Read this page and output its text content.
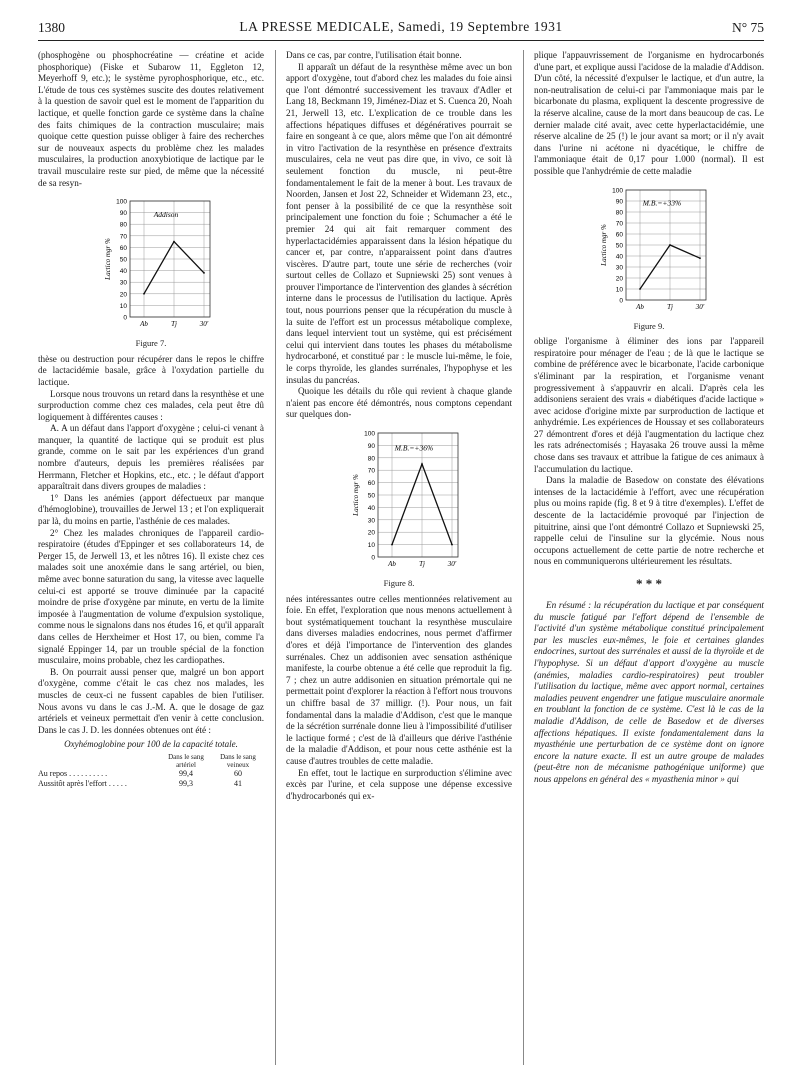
1380	LA PRESSE MEDICALE, Samedi, 19 Septembre 1931	N° 75

(phosphogène ou phosphocréatine — créatine et acide phosphorique) (Fiske et Subarow 11, Eggleton 12, Meyerhoff 9, etc.); le système pyrophosphorique, etc., etc. L'étude de tous ces systèmes suscite des doutes relativement à la question de savoir quel est le moment de l'apparition du lactique, et quelle fonction garde ce système dans la chaîne des faits chimiques de la contraction musculaire; mais quoique cette question puisse obliger à faire des recherches sur de nouveaux aspects du problème chez les malades musculaires, la production anoxybiotique de lactique par le travail musculaire reste sur pied, de même que la nécessité de sa resyn-

0
10
20
30
40
50
60
70
80
90
100
Ab	Tj	30'
Lactico mgr %
Addison
Figure 7.

thèse ou destruction pour récupérer dans le repos le chiffre de lactacidémie basale, grâce à l'oxydation partielle du lactique.

Lorsque nous trouvons un retard dans la resynthèse et une surproduction comme chez ces malades, cela peut être dû logiquement à différentes causes :

A. A un défaut dans l'apport d'oxygène ; celui-ci venant à manquer, la quantité de lactique qui se produit est plus grande, comme on le sait par les expériences d'un grand nombre d'auteurs, depuis les premières réalisées par Herrmann, Fletcher et Hopkins, etc., etc. ; le défaut d'apport apparaîtrait dans divers groupes de maladies :

1° Dans les anémies (apport défectueux par manque d'hémoglobine), trouvailles de Jerwel 13 ; et l'on expliquerait par là, du moins en partie, l'asthénie de ces malades.

2° Chez les malades chroniques de l'appareil cardio-respiratoire (études d'Eppinger et ses collaborateurs 14, de Perger 15, de Jerwell 13, et les nôtres 16). Il existe chez ces malades soit une anoxémie dans le sang artériel, ou bien, même avec bonne saturation du sang, la vitesse avec laquelle celui-ci est apporté se trouve diminuée par la capacité moindre de prise d'oxygène par minute, en vertu de la limite imposée à l'augmentation de volume d'expulsion systolique, comme nous le signalons dans nos études 16, et qu'il apparaît dans celles de Herxheimer et Host 17, ou bien, comme l'a signalé Eppinger 14, par un trouble spécial de la fonction musculaire, moins probable, chez les cardiopathes.

B. On pourrait aussi penser que, malgré un bon apport d'oxygène, comme c'était le cas chez nos malades, les muscles de ceux-ci ne fussent capables de bien l'utiliser. Nous avons vu dans le cas J.-M. A. que le dosage de gaz artériels et veineux permettait d'en venir à cette conclusion. Dans le cas J. D. les données obtenues ont été :

Oxyhémoglobine pour 100 de la capacité totale.
Dans le sang artériel
Dans le sang veineux
Au repos . . . . . . . . . .	99,4	60
Aussitôt après l'effort . . . . .	99,3	41

Dans ce cas, par contre, l'utilisation était bonne.

Il apparaît un défaut de la resynthèse même avec un bon apport d'oxygène, tout d'abord chez les malades du foie ainsi que l'ont démontré successivement les travaux d'Adler et Lang 18, Beckmann 19, Jiménez-Diaz et S. Cuenca 20, Noah 21, Jerwell 13, etc. L'explication de ce trouble dans les affections hépatiques diffuses et dégénératives pourrait se faire en songeant à ce que, alors même que l'on ait démontré in vitro l'activation de la resynthèse en présence d'extraits musculaires, cela ne veut pas dire que, in vivo, ce soit là seulement fonction du muscle, ni peut-être fondamentalement le fait de la mener à bout. Les travaux de Noorden, Jansen et Jost 22, Schneider et Widemann 23, etc., font penser à la possibilité de ce que la resynthèse soit principalement une fonction du foie ; Schumacher a été le premier 24 qui ait fait remarquer comment des hyperlactacidémies apparaissent dans la lésion hépatique du cancer et, par contre, n'apparaissent point dans d'autres viscères. D'autre part, toute une série de recherches (voir surtout celles de Collazo et Supniewski 25) sont venues à prouver l'importance de l'intervention des glandes à sécrétion interne dans le processus de l'utilisation du lactique. Après tout, nous pourrions penser que la récupération du muscle à la suite de l'effort est un processus métabolique complexe, dans lequel intervient tout un système, qui est précisément celui qui intervient dans toutes les phases du métabolisme hydrocarboné, et constitué par : le muscle lui-même, le foie, le corps thyroïde, les glandes surrénales, l'hypophyse et les insulas du pancréas.

Quoique les détails du rôle qui revient à chaque glande n'aient pas encore été démontrés, nous comptons cependant sur quelques don-

0
10
20
30
40
50
60
70
80
90
100
Ab	Tj	30'
Lactico mgr %
M.B.=+36%
Figure 8.

nées intéressantes outre celles mentionnées relativement au foie. En effet, l'exploration que nous menons actuellement à bout systématiquement touchant la resynthèse musculaire dans diverses maladies endocrines, nous permet d'affirmer d'ores et déjà l'importance de l'intervention des glandes surrénales. Chez un addisonien avec sensation asthénique manifeste, la courbe obtenue a été celle que reproduit la fig. 7 ; chez un autre addisonien en situation prémortale qui ne permettait point d'explorer la réaction à l'effort nous trouvons un chiffre basal de 37 milligr. (!). Pour nous, un fait fondamental dans la maladie d'Addison, c'est que le manque de la sécrétion surrénale donne lieu à l'impossibilité d'utiliser le lactique formé ; c'est de là d'ailleurs que dérive l'asthénie de la maladie d'Addison, et pour nous cette asthénie est la cause d'autres troubles de cette maladie.

En effet, tout le lactique en surproduction s'élimine avec excès par l'urine, et cela suppose une dépense excessive d'hydrocarbonés qui ex-

plique l'appauvrissement de l'organisme en hydrocarbonés d'une part, et explique aussi l'acidose de la maladie d'Addison. D'un côté, la nécessité d'expulser le lactique, et d'un autre, la non-neutralisation de celui-ci par l'ammoniaque mais par le bicarbonate du plasma, expliquent la descente progressive de la réserve alcaline, cause de la mort dans beaucoup de cas. Le dernier malade cité avait, avec cette hyperlactacidémie, une réserve alcaline de 25 (!) le jour avant sa mort; or il n'y avait dans l'urine ni acétone ni dyacétique, le chiffre de l'ammoniaque était de 0,17 pour 1.000 (normal). Il est possible que l'anhydrémie de cette maladie

0
10
20
30
40
50
60
70
80
90
100
Ab	Tj	30'
Lactico mgr %
M.B.=+33%
Figure 9.

oblige l'organisme à éliminer des ions par l'appareil respiratoire pour ménager de l'eau ; de là que le lactique se combine de préférence avec le bicarbonate, l'acide carbonique s'éliminant par la respiration, et l'organisme venant progressivement à s'appauvrir en alcali. D'après cela les addisoniens seraient des vrais « diabétiques d'acide lactique » avec acidose d'origine mixte par surproduction de lactique et anhydrémie. Les expériences de Houssay et ses collaborateurs 27 démontrent d'ores et déjà l'augmentation du lactique chez les rats adrénectomisés ; Hayasaka 26 trouve aussi la même chose dans ses travaux et attribue la fatigue de ces animaux à l'accumulation du lactique.

Dans la maladie de Basedow on constate des élévations intenses de la lactacidémie à l'effort, avec une récupération plus ou moins rapide (fig. 8 et 9 à titre d'exemples). L'effet de descente de la lactacidémie provoqué par l'injection de pituitrine, ainsi que l'ont démontré Collazo et Supniewski 25, rappelle celui de l'insuline sur la glycémie. Nous nous occupons actuellement de cette partie de notre recherche et nous en communiquerons ultérieurement les résultats.

* * *

En résumé : la récupération du lactique et par conséquent du muscle fatigué par l'effort dépend de l'ensemble de l'activité d'un système métabolique constitué principalement par les muscles eux-mêmes, le foie et certaines glandes endocrines, surtout des surrénales et aussi de la thyroïde et de l'hypophyse. Si un défaut d'apport d'oxygène au muscle (anémies, maladies cardio-respiratoires) peut troubler l'utilisation du lactique, même avec apport normal, certaines maladies peuvent engendrer une fatigue musculaire anormale en troublant la fonction de ce système. C'est là le cas de la maladie d'Addison, de celle de Basedow et de diverses affections hépatiques. Il existe fondamentalement dans la myasthénie une perturbation de ce système dont on ignore encore la nature exacte. Il est un autre groupe de malades (peut-être non de mécanisme pathogénique uniforme) que nous appelons en général des « myasthenia minor » qui
